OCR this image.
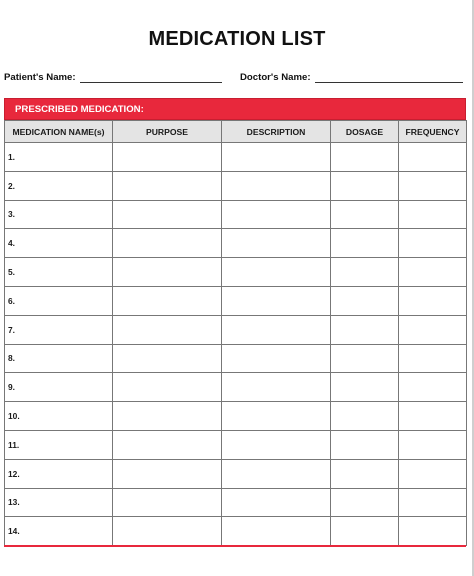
MEDICATION LIST
Patient's Name:	Doctor's Name:
PRESCRIBED MEDICATION:
MEDICATION NAME(s)	PURPOSE	DESCRIPTION	DOSAGE	FREQUENCY
1.				
2.				
3.				
4.				
5.				
6.				
7.				
8.				
9.				
10.				
11.				
12.				
13.				
14.				
